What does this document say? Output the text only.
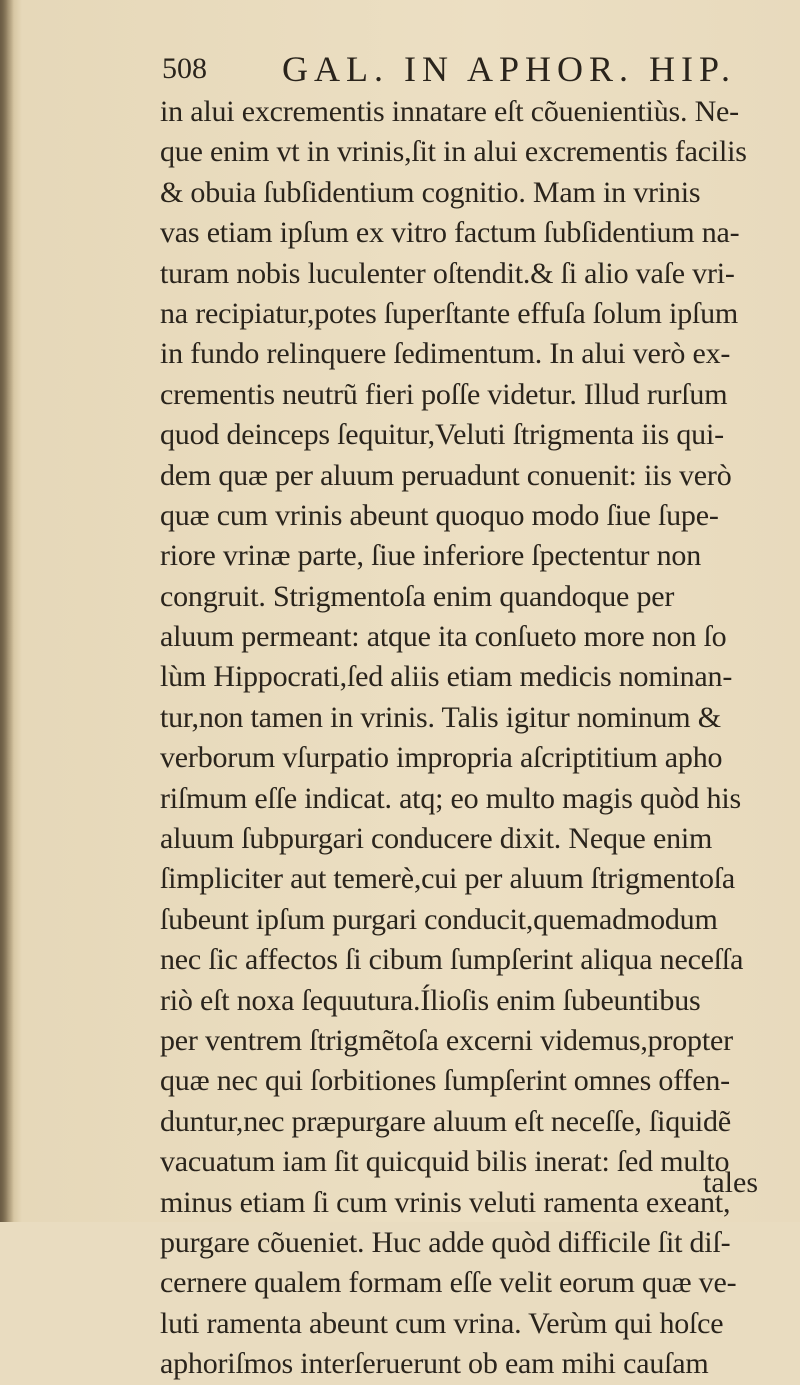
508 GAL. IN APHOR. HIP.
in alui excrementis innatare eſt cõuenientiùs. Ne-
que enim vt in vrinis,ſit in alui excrementis facilis
& obuia ſubſidentium cognitio. Mam in vrinis
vas etiam ipſum ex vitro factum ſubſidentium na-
turam nobis luculenter oſtendit.& ſi alio vaſe vri-
na recipiatur,potes ſuperſtante effuſa ſolum ipſum
in fundo relinquere ſedimentum. In alui verò ex-
crementis neutrũ fieri poſſe videtur. Illud rurſum
quod deinceps ſequitur,Veluti ſtrigmenta iis qui-
dem quæ per aluum peruadunt conuenit: iis verò
quæ cum vrinis abeunt quoquo modo ſiue ſupe-
riore vrinæ parte, ſiue inferiore ſpectentur non
congruit. Strigmentoſa enim quandoque per
aluum permeant: atque ita conſueto more non ſo
lùm Hippocrati,ſed aliis etiam medicis nominan-
tur,non tamen in vrinis. Talis igitur nominum &
verborum vſurpatio impropria aſcriptitium apho
riſmum eſſe indicat. atq; eo multo magis quòd his
aluum ſubpurgari conducere dixit. Neque enim
ſimpliciter aut temerè,cui per aluum ſtrigmentoſa
ſubeunt ipſum purgari conducit,quemadmodum
nec ſic affectos ſi cibum ſumpſerint aliqua neceſſa
riò eſt noxa ſequutura.Ílioſis enim ſubeuntibus
per ventrem ſtrigmẽtoſa excerni videmus,propter
quæ nec qui ſorbitiones ſumpſerint omnes offen-
duntur,nec præpurgare aluum eſt neceſſe, ſiquidẽ
vacuatum iam ſit quicquid bilis inerat: ſed multo
minus etiam ſi cum vrinis veluti ramenta exeant,
purgare cõueniet. Huc adde quòd difficile ſit diſ-
cernere qualem formam eſſe velit eorum quæ ve-
luti ramenta abeunt cum vrina. Verùm qui hoſce
aphoriſmos interſeruerunt ob eam mihi cauſam
tales
